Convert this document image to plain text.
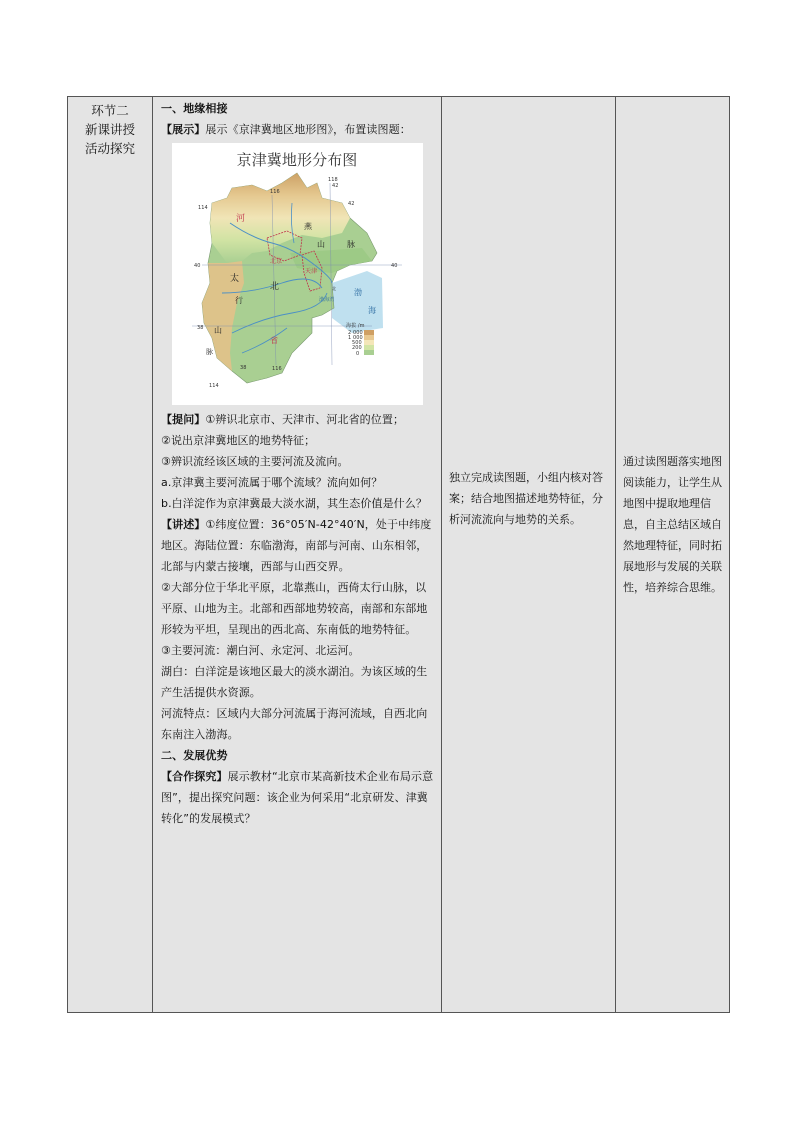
环节二
新课讲授
活动探究

一、地缘相接

【展示】展示《京津冀地区地形图》，布置读图题：

京津冀地形分布图
118
116
114
42
40	40
38
116
114
38
42
河
燕
山	脉
北京
天津
太
北
行
山
脉
省
渤
海
渤海湾
北
海拔 /m
2 000
1 000
500
200
0

【提问】①辨识北京市、天津市、河北省的位置；

②说出京津冀地区的地势特征；

③辨识流经该区域的主要河流及流向。

a.京津冀主要河流属于哪个流域？流向如何？

b.白洋淀作为京津冀最大淡水湖，其生态价值是什么？

【讲述】①纬度位置：36°05′N-42°40′N，处于中纬度地区。海陆位置：东临渤海，南部与河南、山东相邻，北部与内蒙古接壤，西部与山西交界。

②大部分位于华北平原，北靠燕山，西倚太行山脉，以平原、山地为主。北部和西部地势较高，南部和东部地形较为平坦，呈现出的西北高、东南低的地势特征。

③主要河流：潮白河、永定河、北运河。

湖白：白洋淀是该地区最大的淡水湖泊。为该区域的生产生活提供水资源。

河流特点：区域内大部分河流属于海河流域，自西北向东南注入渤海。

二、发展优势

【合作探究】展示教材“北京市某高新技术企业布局示意图”，提出探究问题：该企业为何采用“北京研发、津冀转化”的发展模式？

独立完成读图题，小组内核对答案；结合地图描述地势特征，分析河流流向与地势的关系。

通过读图题落实地图阅读能力，让学生从地图中提取地理信息，自主总结区域自然地理特征，同时拓展地形与发展的关联性，培养综合思维。
